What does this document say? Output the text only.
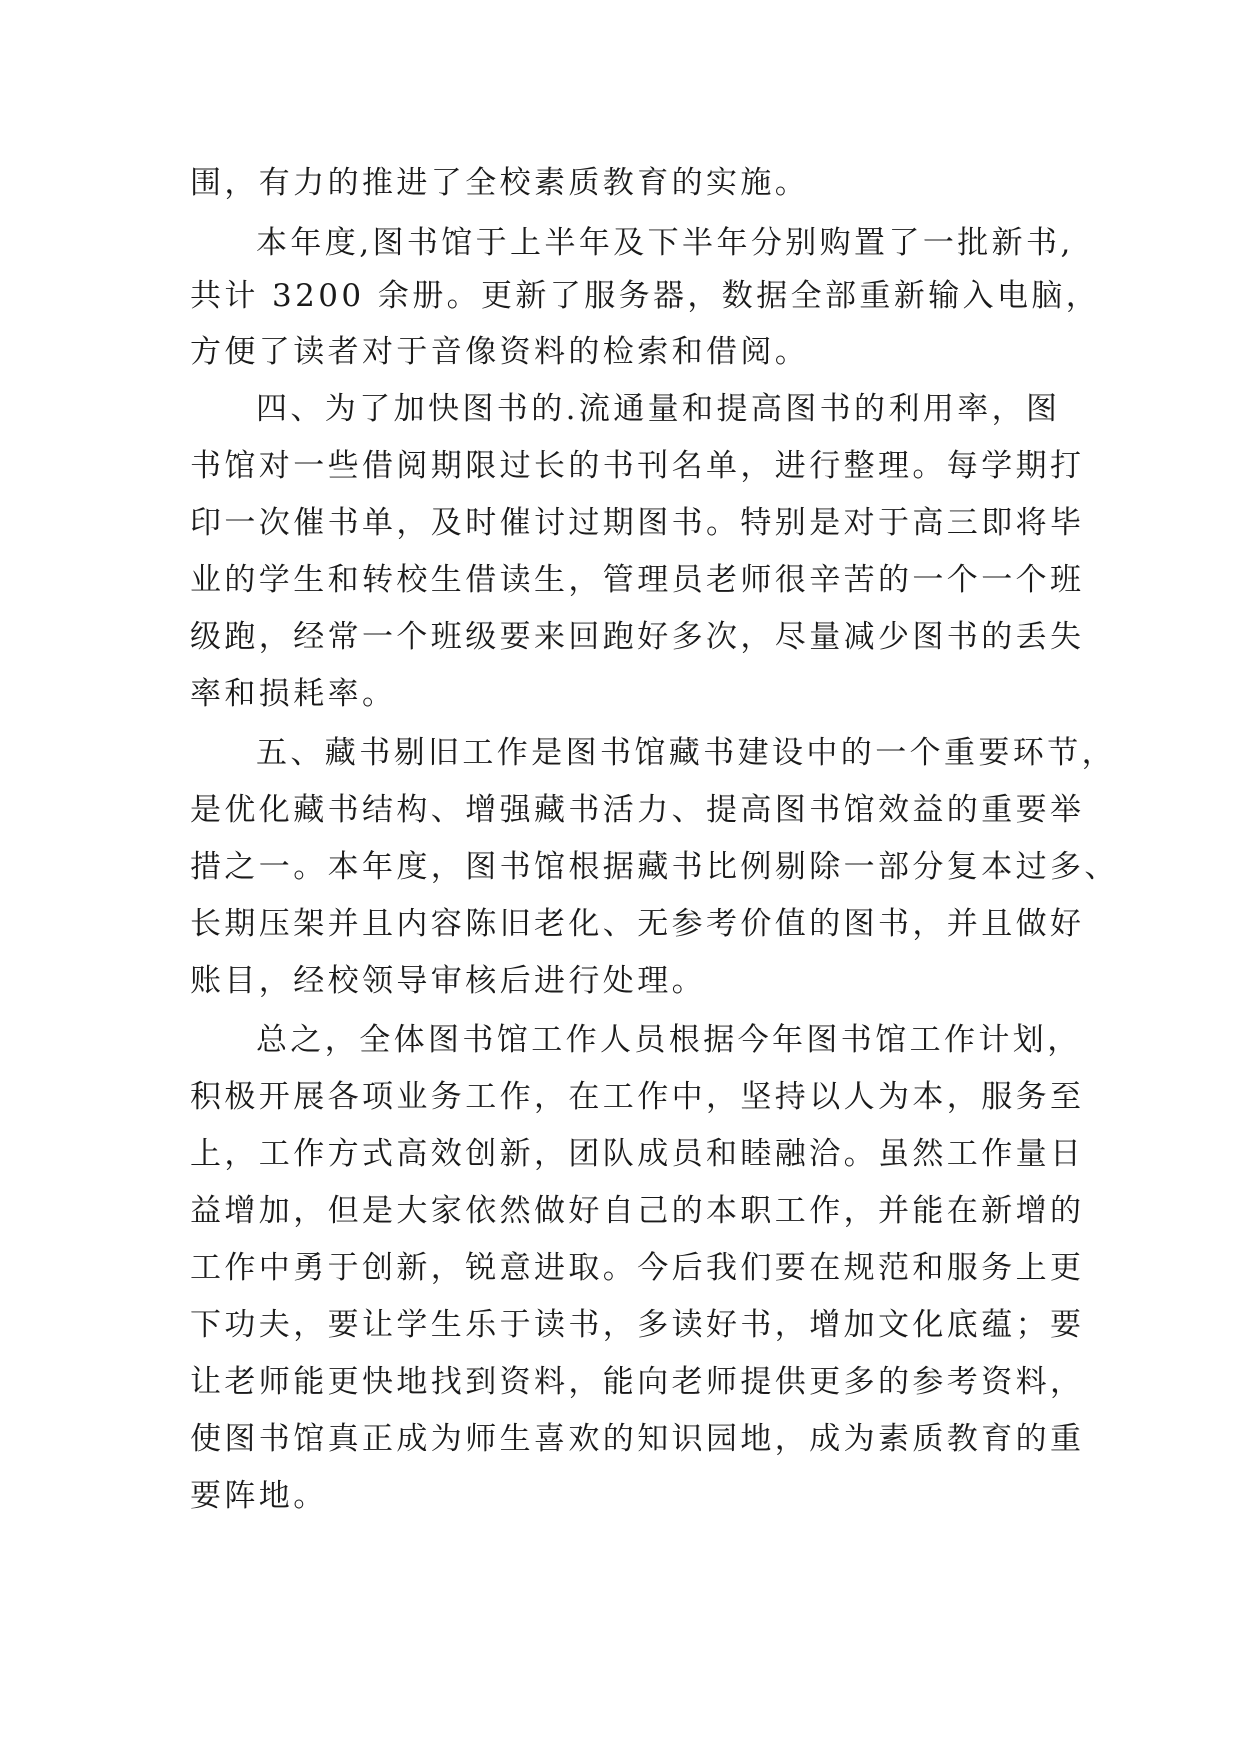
围，有力的推进了全校素质教育的实施。
本年度,图书馆于上半年及下半年分别购置了一批新书,
共计 3200 余册。更新了服务器，数据全部重新输入电脑，
方便了读者对于音像资料的检索和借阅。
四、为了加快图书的.流通量和提高图书的利用率，图
书馆对一些借阅期限过长的书刊名单，进行整理。每学期打
印一次催书单，及时催讨过期图书。特别是对于高三即将毕
业的学生和转校生借读生，管理员老师很辛苦的一个一个班
级跑，经常一个班级要来回跑好多次，尽量减少图书的丢失
率和损耗率。
五、藏书剔旧工作是图书馆藏书建设中的一个重要环节，
是优化藏书结构、增强藏书活力、提高图书馆效益的重要举
措之一。本年度，图书馆根据藏书比例剔除一部分复本过多、
长期压架并且内容陈旧老化、无参考价值的图书，并且做好
账目，经校领导审核后进行处理。
总之，全体图书馆工作人员根据今年图书馆工作计划，
积极开展各项业务工作，在工作中，坚持以人为本，服务至
上，工作方式高效创新，团队成员和睦融洽。虽然工作量日
益增加，但是大家依然做好自己的本职工作，并能在新增的
工作中勇于创新，锐意进取。今后我们要在规范和服务上更
下功夫，要让学生乐于读书，多读好书，增加文化底蕴；要
让老师能更快地找到资料，能向老师提供更多的参考资料，
使图书馆真正成为师生喜欢的知识园地，成为素质教育的重
要阵地。
